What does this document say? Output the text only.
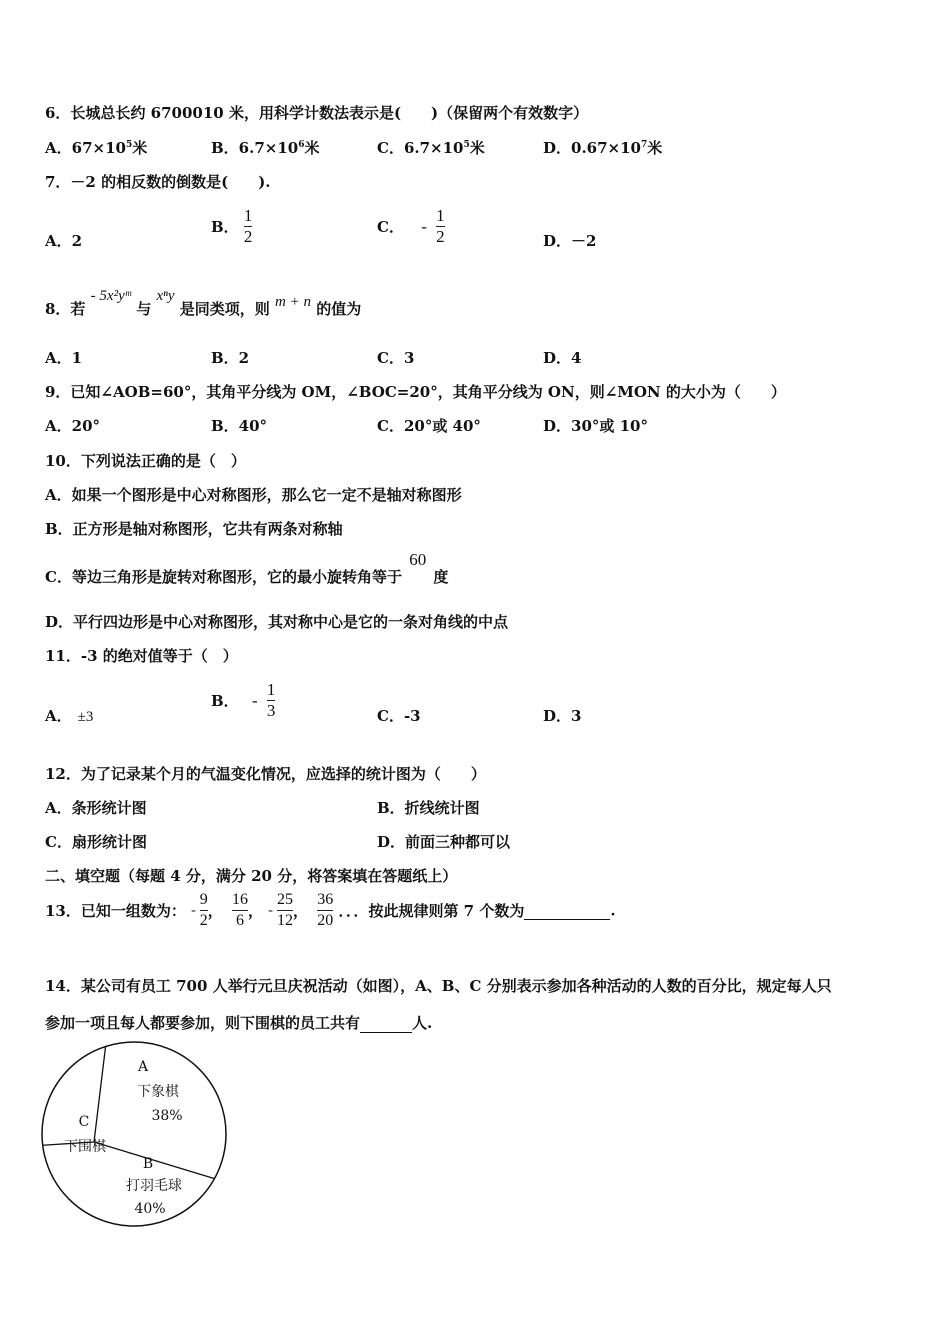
6．长城总长约 6700010 米，用科学计数法表示是(　　)（保留两个有效数字）
A．$67\times 10^5$米	B．$6.7\times 10^6$米	C．$6.7\times 10^5$米	D．$0.67\times 10^7$米
7．－2 的相反数的倒数是(　　).
A．2
B． $\frac{1}{2}$	C． - $\frac{1}{2}$	D．－2
8．若 - 5x²yᵐ 与 xⁿy 是同类项，则 m + n 的值为
A．1	B．2	C．3	D．4
9．已知∠AOB=60°，其角平分线为 OM，∠BOC=20°，其角平分线为 ON，则∠MON 的大小为（　　）
A．20°	B．40°	C．20°或 40°	D．30°或 10°
10．下列说法正确的是（　）
A．如果一个图形是中心对称图形，那么它一定不是轴对称图形
B．正方形是轴对称图形，它共有两条对称轴
C．等边三角形是旋转对称图形，它的最小旋转角等于 60 度
D．平行四边形是中心对称图形，其对称中心是它的一条对角线的中点
11．-3 的绝对值等于（　）
A． ±3
B． - $\frac{1}{3}$	C．-3	D．3
12．为了记录某个月的气温变化情况，应选择的统计图为（　　）
A．条形统计图	B．折线统计图
C．扇形统计图	D．前面三种都可以
二、填空题（每题 4 分，满分 20 分，将答案填在答题纸上）
13．已知一组数为： - $\frac{9}{2}$ ， $\frac{16}{6}$ ， - $\frac{25}{12}$ ， $\frac{36}{20}$ ．．．按此规律则第 7 个数为	.
14．某公司有员工 700 人举行元旦庆祝活动（如图），A、B、C 分别表示参加各种活动的人数的百分比，规定每人只
参加一项且每人都要参加，则下围棋的员工共有	人.
A
下象棋
38%
B
打羽毛球
40%
C
下围棋
